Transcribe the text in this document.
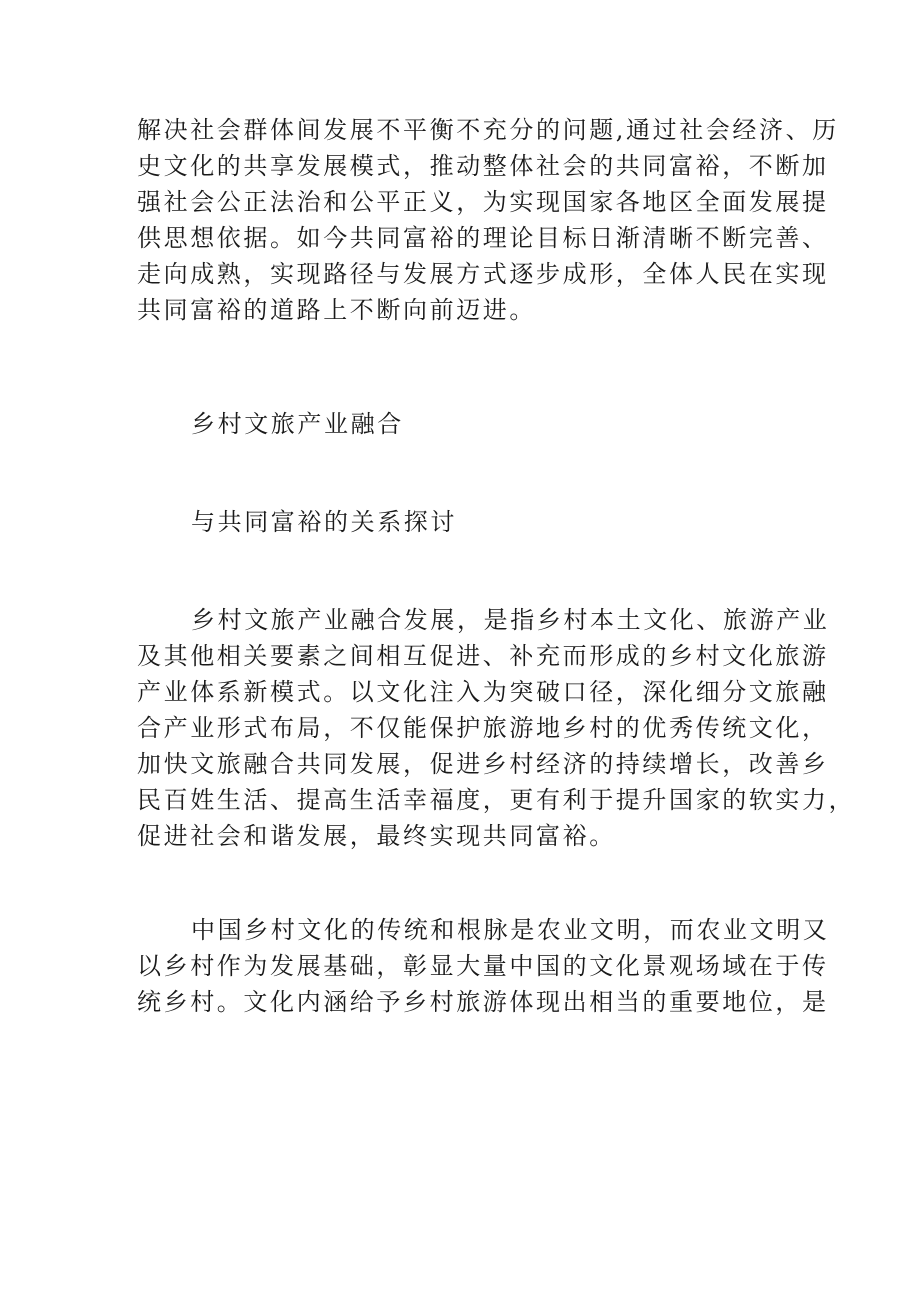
解决社会群体间发展不平衡不充分的问题,通过社会经济、历
史文化的共享发展模式，推动整体社会的共同富裕，不断加
强社会公正法治和公平正义，为实现国家各地区全面发展提
供思想依据。如今共同富裕的理论目标日渐清晰不断完善、
走向成熟，实现路径与发展方式逐步成形，全体人民在实现
共同富裕的道路上不断向前迈进。
乡村文旅产业融合
与共同富裕的关系探讨
乡村文旅产业融合发展，是指乡村本土文化、旅游产业
及其他相关要素之间相互促进、补充而形成的乡村文化旅游
产业体系新模式。以文化注入为突破口径，深化细分文旅融
合产业形式布局，不仅能保护旅游地乡村的优秀传统文化，
加快文旅融合共同发展，促进乡村经济的持续增长，改善乡
民百姓生活、提高生活幸福度，更有利于提升国家的软实力，
促进社会和谐发展，最终实现共同富裕。
中国乡村文化的传统和根脉是农业文明，而农业文明又
以乡村作为发展基础，彰显大量中国的文化景观场域在于传
统乡村。文化内涵给予乡村旅游体现出相当的重要地位，是
